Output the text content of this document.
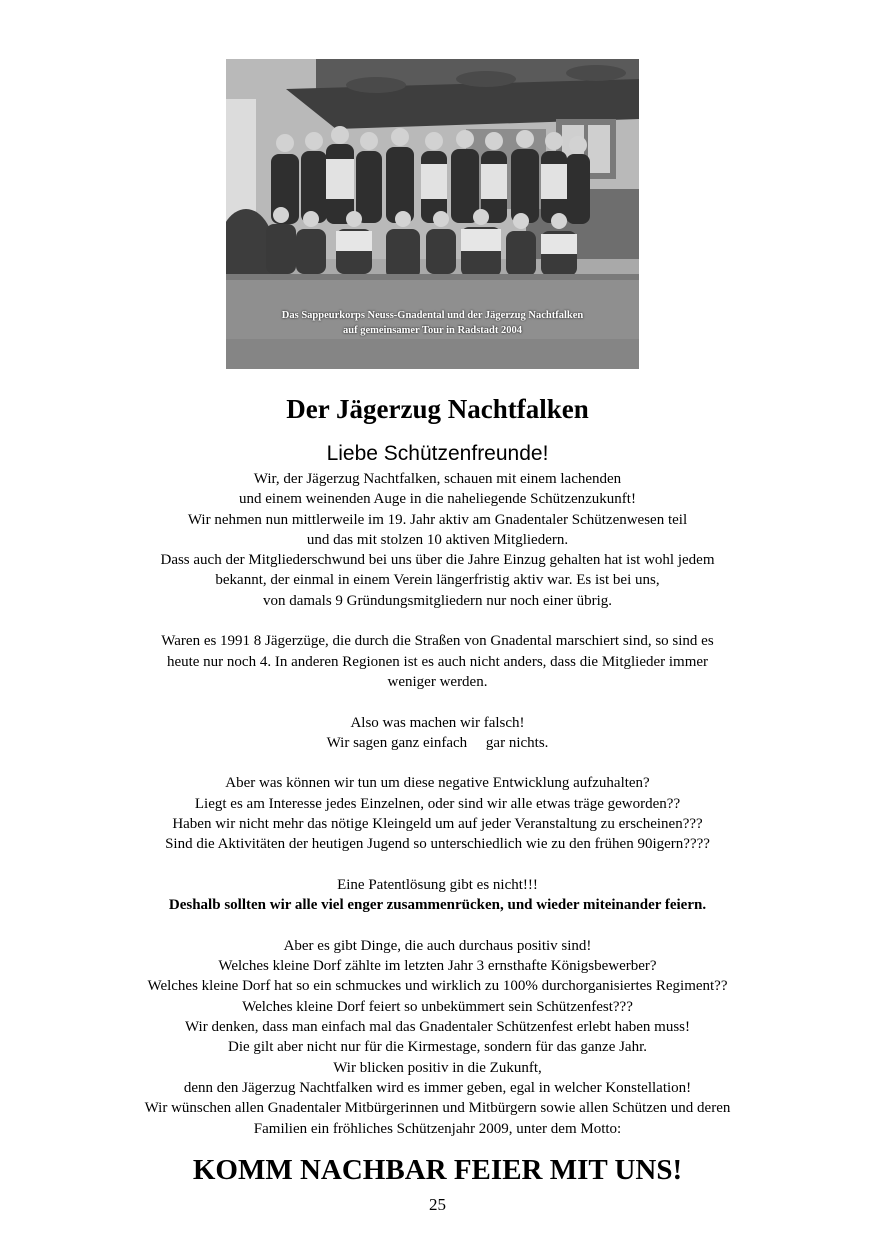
Das Sappeurkorps Neuss-Gnadental und der Jägerzug Nachtfalken
auf gemeinsamer Tour in Radstadt 2004
Der Jägerzug Nachtfalken
Liebe Schützenfreunde!
Wir, der Jägerzug Nachtfalken, schauen mit einem lachenden
und einem weinenden Auge in die naheliegende Schützenzukunft!
Wir nehmen nun mittlerweile im 19. Jahr aktiv am Gnadentaler Schützenwesen teil
und das mit stolzen 10 aktiven Mitgliedern.
Dass auch der Mitgliederschwund bei uns über die Jahre Einzug gehalten hat ist wohl jedem
bekannt, der einmal in einem Verein längerfristig aktiv war. Es ist bei uns,
von damals 9 Gründungsmitgliedern nur noch einer übrig.
Waren es 1991 8 Jägerzüge, die durch die Straßen von Gnadental marschiert sind, so sind es
heute nur noch 4. In anderen Regionen ist es auch nicht anders, dass die Mitglieder immer
weniger werden.
Also was machen wir falsch!
Wir sagen ganz einfach     gar nichts.
Aber was können wir tun um diese negative Entwicklung aufzuhalten?
Liegt es am Interesse jedes Einzelnen, oder sind wir alle etwas träge geworden??
Haben wir nicht mehr das nötige Kleingeld um auf jeder Veranstaltung zu erscheinen???
Sind die Aktivitäten der heutigen Jugend so unterschiedlich wie zu den frühen 90igern????
Eine Patentlösung gibt es nicht!!!
Deshalb sollten wir alle viel enger zusammenrücken, und wieder miteinander feiern.
Aber es gibt Dinge, die auch durchaus positiv sind!
Welches kleine Dorf zählte im letzten Jahr 3 ernsthafte Königsbewerber?
Welches kleine Dorf hat so ein schmuckes und wirklich zu 100% durchorganisiertes Regiment??
Welches kleine Dorf feiert so unbekümmert sein Schützenfest???
Wir denken, dass man einfach mal das Gnadentaler Schützenfest erlebt haben muss!
Die gilt aber nicht nur für die Kirmestage, sondern für das ganze Jahr.
Wir blicken positiv in die Zukunft,
denn den Jägerzug Nachtfalken wird es immer geben, egal in welcher Konstellation!
Wir wünschen allen Gnadentaler Mitbürgerinnen und Mitbürgern sowie allen Schützen und deren
Familien ein fröhliches Schützenjahr 2009, unter dem Motto:
KOMM NACHBAR FEIER MIT UNS!
25
